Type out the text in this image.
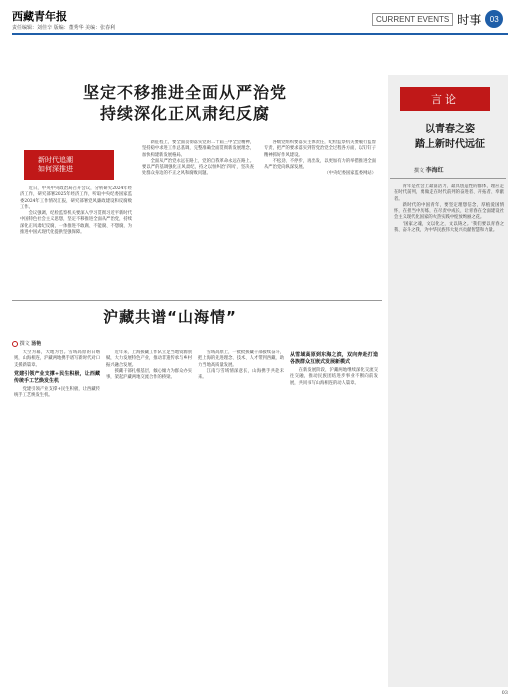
西藏青年报
责任编辑：刘佳辛 版编：董秀华 美编：张春利
CURRENT EVENTS 时事	03
坚定不移推进全面从严治党
持续深化正风肃纪反腐
新时代追潮
如何深推进

近日，中央中央政治局召开会议，分析研究2024年经济工作，研究部署2025年经济工作，听取中央纪委国家监委2024年工作情况汇报，研究部署党风廉政建设和反腐败工作。

会议强调，纪检监察机关要深入学习贯彻习近平新时代中国特色社会主义思想，坚定不移推进全面从严治党，持续深化正风肃纪反腐，一体推进不敢腐、不能腐、不想腐，为推进中国式现代化提供坚强保障。

新征程上，要全面贯彻落实党的二十届三中全会精神，坚持稳中求进工作总基调，完整准确全面贯彻新发展理念，加快构建新发展格局。

全面从严治党永远在路上，党的自我革命永远在路上。要以严的基调强化正风肃纪，持之以恒纠治'四风'，坚决查处群众身边的不正之风和腐败问题。

各级党组织要落实主体责任，纪检监察机关要履行监督专责，把严的要求落实到管党治党全过程各方面，以钉钉子精神抓好作风建设。

不松劲、不停步，再出发，以更加有力的举措推进全面从严治党向纵深发展。

（中央纪委国家监委网站）

言论
以青春之姿
踏上新时代远征
撰文 李海红

青年是社会上最富活力、最具创造性的群体，理应走在时代前列，勇做走在时代前列的奋进者、开拓者、奉献者。

新时代的中国青年，要坚定理想信念，厚植爱国情怀，在担当中历练，在尽责中成长，让青春在全面建设社会主义现代化国家的火热实践中绽放绚丽之花。

'国家之魂，文以化之，文以铸之。'我们要以青春之我、奋斗之我，为中华民族伟大复兴贡献智慧和力量。

沪藏共谱“山海情”
撰文 汤艳

天空为幕，大地为台。雪域高原的日喀则，山海相连，沪藏两地携手谱写新时代对口支援新篇章。

党建引领产业支撑+民生积极，让西藏传统手工艺焕发生机

党建引领产业支撑+民生积极，让西藏传统手工艺焕发生机。

近年来，上海援藏工作队立足当地资源禀赋，大力发展特色产业，推动非遗传承与乡村振兴融合发展。

援藏干部扎根基层，倾心倾力为群众办实事，架起沪藏两地交流合作的桥梁。

雪域高原上，一批批援藏干部接续奋斗，把上海的先进理念、技术、人才带到西藏，助力当地高质量发展。

江南与雪域情深意长，山海携手共赴未来。

从雪域高原到东海之滨，双向奔赴打造各族群众互嵌式发展新模式

在新发展阶段，沪藏两地继续深化交流交往交融，推动民族团结进步事业不断向前发展，共同书写山海相连的动人篇章。

03
